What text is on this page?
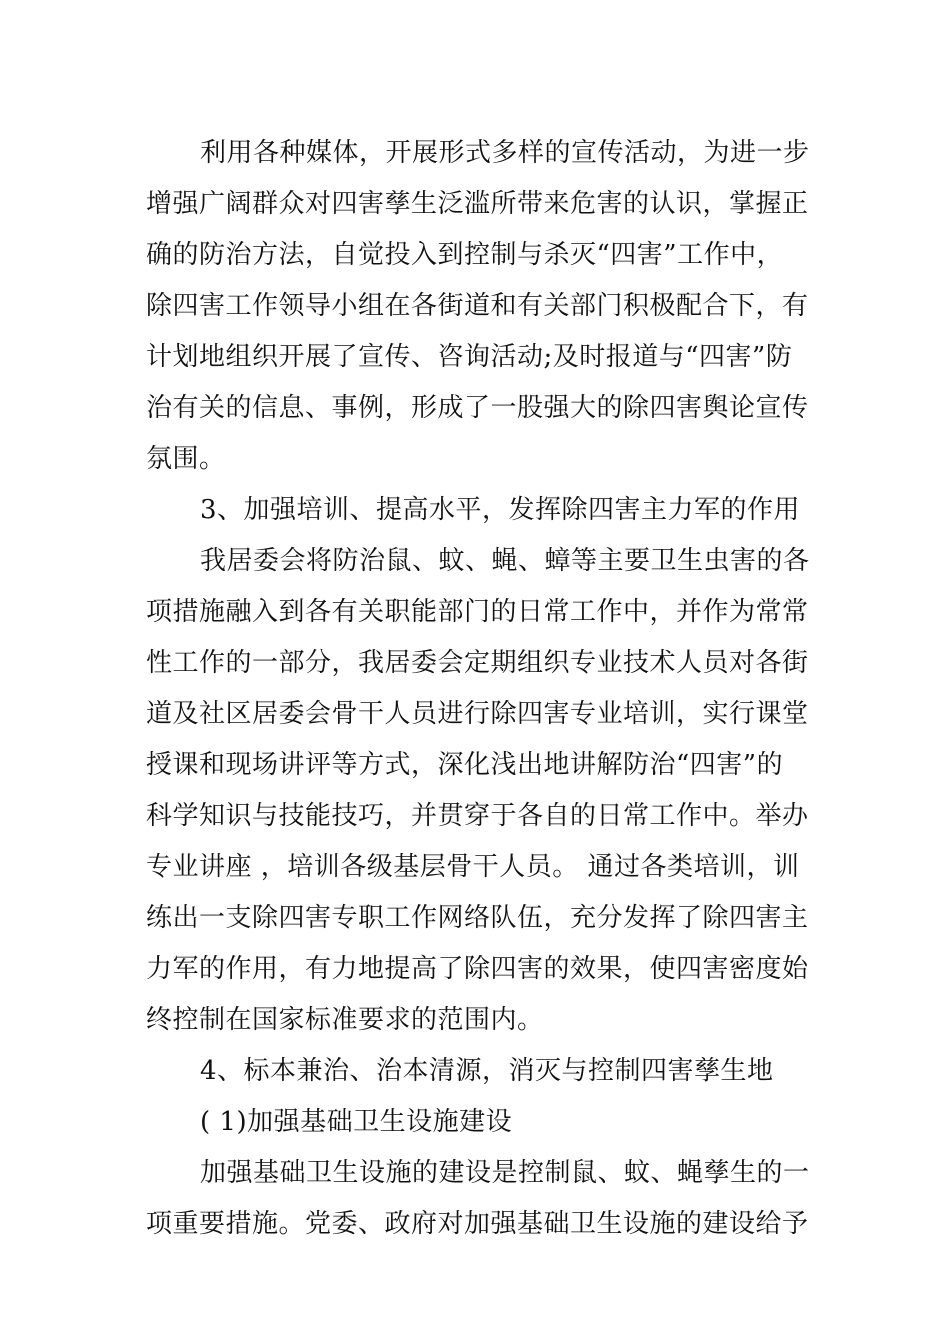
利用各种媒体，开展形式多样的宣传活动，为进一步
增强广阔群众对四害孳生泛滥所带来危害的认识，掌握正
确的防治方法，自觉投入到控制与杀灭“四害”工作中，
除四害工作领导小组在各街道和有关部门积极配合下，有
计划地组织开展了宣传、咨询活动;及时报道与“四害”防
治有关的信息、事例，形成了一股强大的除四害舆论宣传
氛围。
3、加强培训、提高水平，发挥除四害主力军的作用
我居委会将防治鼠、蚊、蝇、蟑等主要卫生虫害的各
项措施融入到各有关职能部门的日常工作中，并作为常常
性工作的一部分，我居委会定期组织专业技术人员对各街
道及社区居委会骨干人员进行除四害专业培训，实行课堂
授课和现场讲评等方式，深化浅出地讲解防治“四害”的
科学知识与技能技巧，并贯穿于各自的日常工作中。举办
专业讲座 ，培训各级基层骨干人员。 通过各类培训，训
练出一支除四害专职工作网络队伍，充分发挥了除四害主
力军的作用，有力地提高了除四害的效果，使四害密度始
终控制在国家标准要求的范围内。
4、标本兼治、治本清源，消灭与控制四害孳生地
( 1)加强基础卫生设施建设
加强基础卫生设施的建设是控制鼠、蚊、蝇孳生的一
项重要措施。党委、政府对加强基础卫生设施的建设给予
